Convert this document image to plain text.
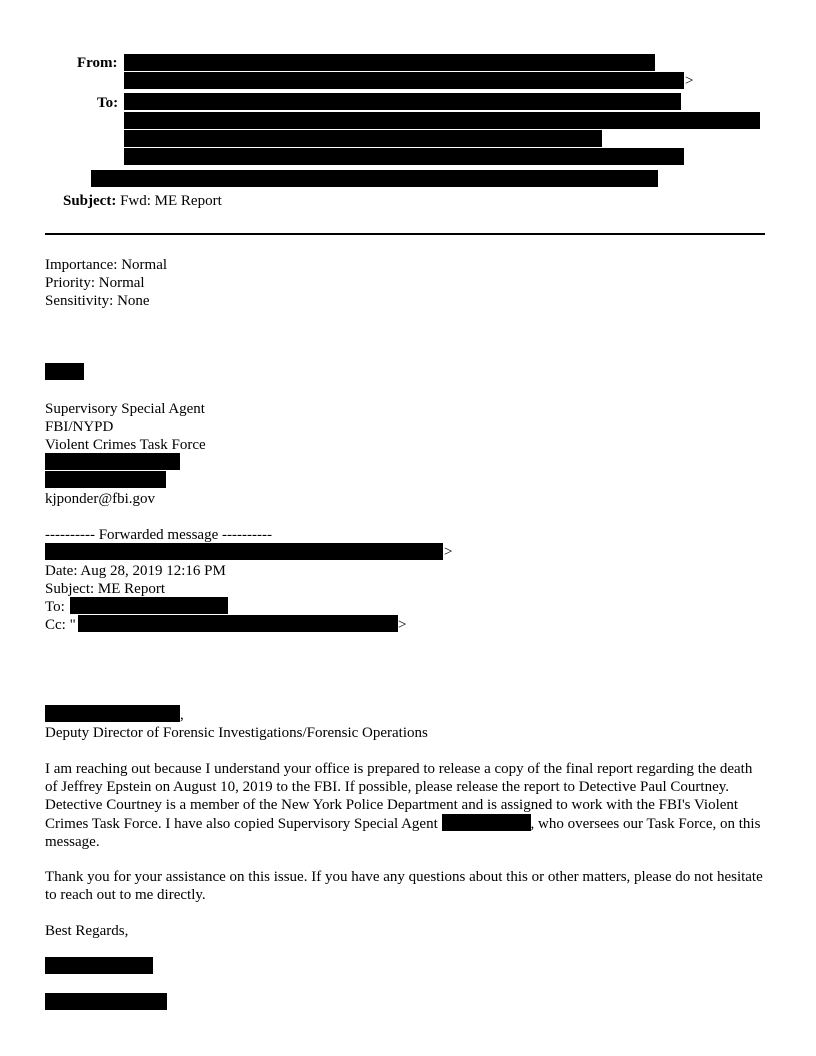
From:
>
To:
Subject: Fwd: ME Report
Importance: Normal
Priority: Normal
Sensitivity: None
Supervisory Special Agent
FBI/NYPD
Violent Crimes Task Force
kjponder@fbi.gov
---------- Forwarded message ----------
>
Date: Aug 28, 2019 12:16 PM
Subject: ME Report
To:
Cc: "	>
,
Deputy Director of Forensic Investigations/Forensic Operations
I am reaching out because I understand your office is prepared to release a copy of the final report regarding the death of Jeffrey Epstein on August 10, 2019 to the FBI. If possible, please release the report to Detective Paul Courtney. Detective Courtney is a member of the New York Police Department and is assigned to work with the FBI's Violent Crimes Task Force. I have also copied Supervisory Special Agent	, who oversees our Task Force, on this message.
Thank you for your assistance on this issue. If you have any questions about this or other matters, please do not hesitate to reach out to me directly.
Best Regards,
